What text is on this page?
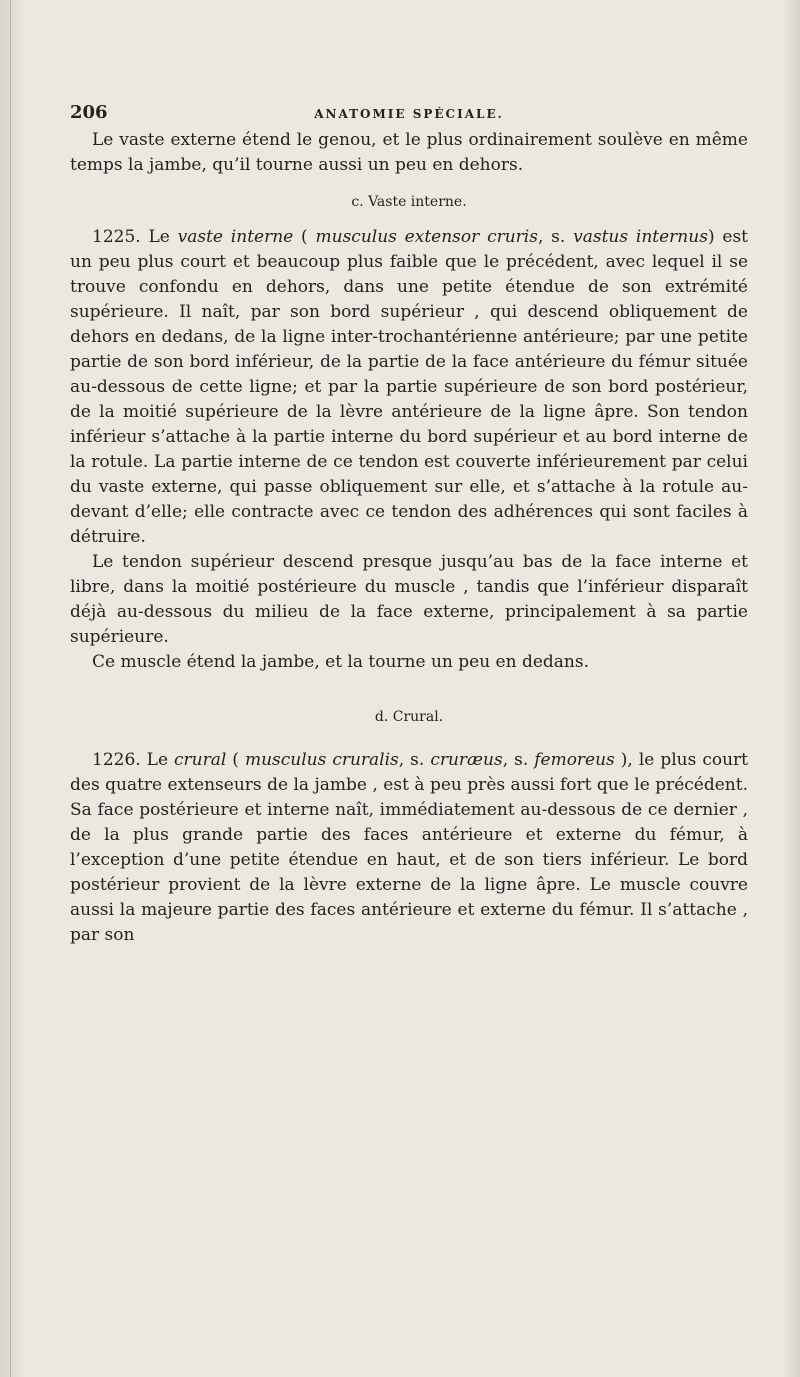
206	ANATOMIE SPÉCIALE.

Le vaste externe étend le genou, et le plus ordinairement soulève en même temps la jambe, qu’il tourne aussi un peu en dehors.

c. Vaste interne.

1225. Le vaste interne ( musculus extensor cruris, s. vastus internus) est un peu plus court et beaucoup plus faible que le précédent, avec lequel il se trouve confondu en dehors, dans une petite étendue de son extrémité supérieure. Il naît, par son bord supérieur , qui descend obliquement de dehors en dedans, de la ligne inter-trochantérienne antérieure; par une petite partie de son bord inférieur, de la partie de la face antérieure du fémur située au-dessous de cette ligne; et par la partie supérieure de son bord postérieur, de la moitié supérieure de la lèvre antérieure de la ligne âpre. Son tendon inférieur s’attache à la partie interne du bord supérieur et au bord interne de la rotule. La partie interne de ce tendon est couverte inférieurement par celui du vaste externe, qui passe obliquement sur elle, et s’attache à la rotule au-devant d’elle; elle contracte avec ce tendon des adhérences qui sont faciles à détruire.

Le tendon supérieur descend presque jusqu’au bas de la face interne et libre, dans la moitié postérieure du muscle , tandis que l’inférieur disparaît déjà au-dessous du milieu de la face externe, principalement à sa partie supérieure.

Ce muscle étend la jambe, et la tourne un peu en dedans.

d. Crural.

1226. Le crural ( musculus cruralis, s. cruræus, s. femoreus ), le plus court des quatre extenseurs de la jambe , est à peu près aussi fort que le précédent. Sa face postérieure et interne naît, immédiatement au-dessous de ce dernier , de la plus grande partie des faces antérieure et externe du fémur, à l’exception d’une petite étendue en haut, et de son tiers inférieur. Le bord postérieur provient de la lèvre externe de la ligne âpre. Le muscle couvre aussi la majeure partie des faces antérieure et externe du fémur. Il s’attache , par son
